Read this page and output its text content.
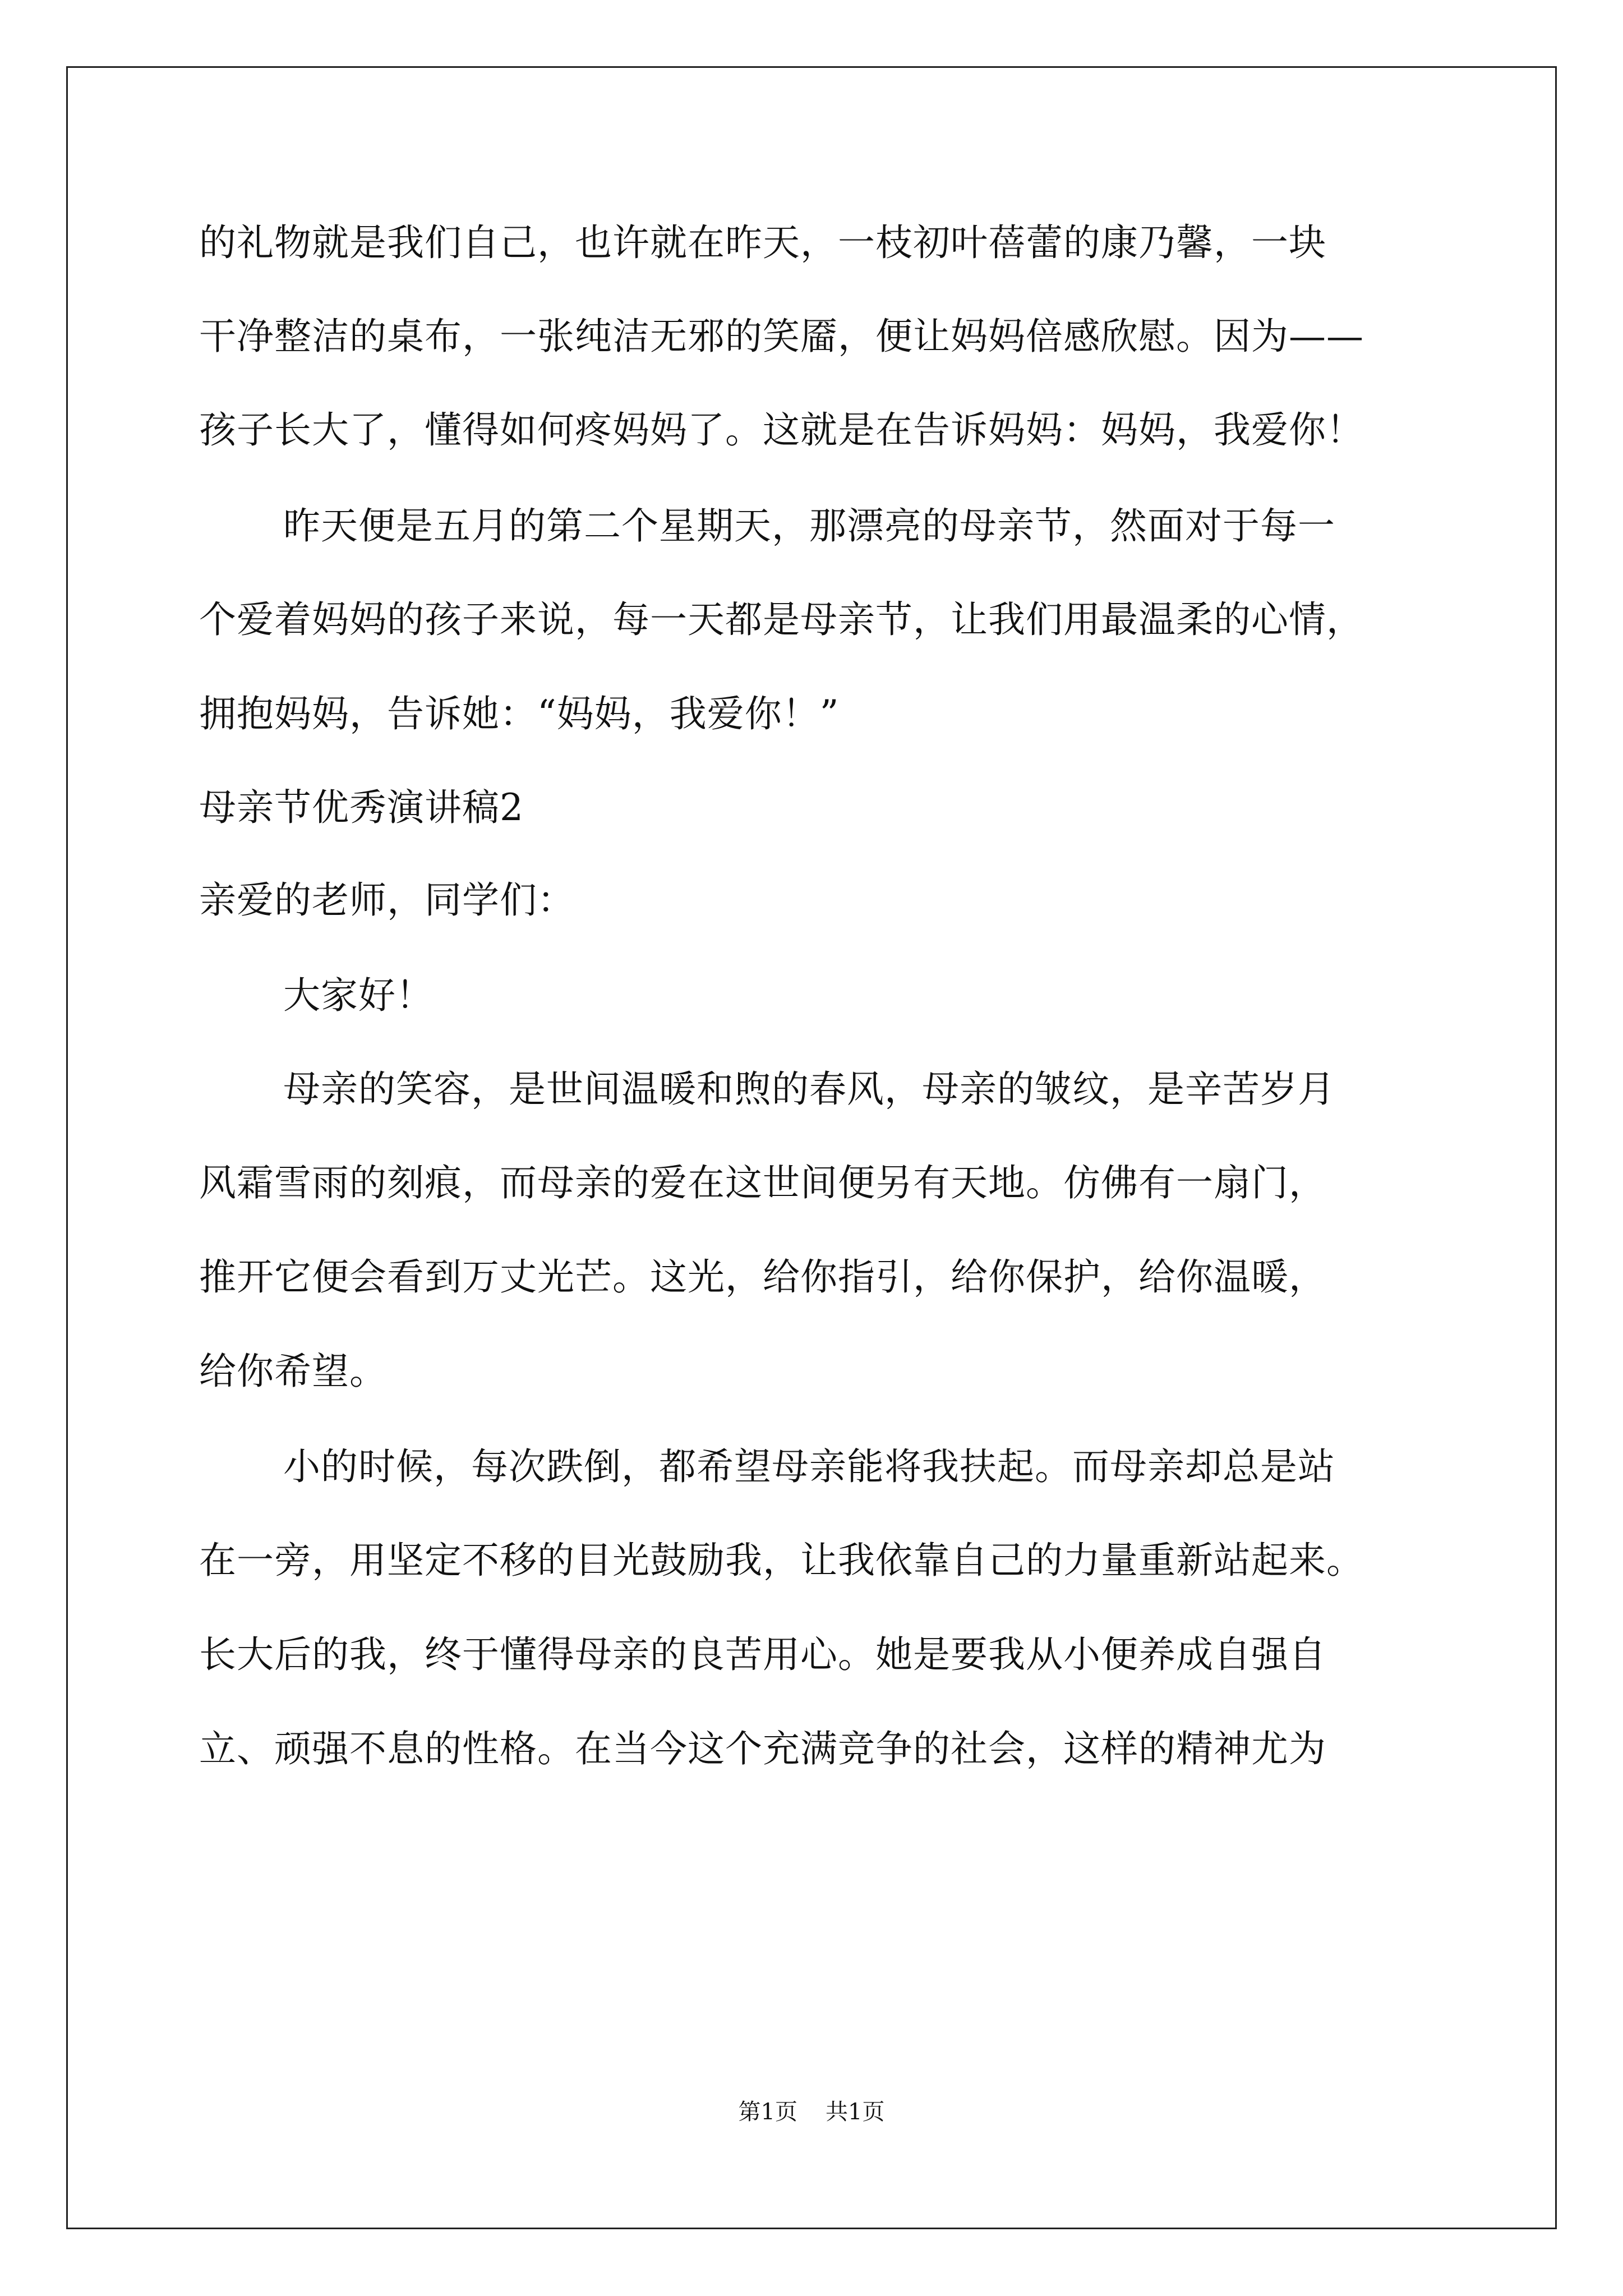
的礼物就是我们自己，也许就在昨天，一枝初叶蓓蕾的康乃馨，一块
干净整洁的桌布，一张纯洁无邪的笑靥，便让妈妈倍感欣慰。因为——
孩子长大了，懂得如何疼妈妈了。这就是在告诉妈妈：妈妈，我爱你！
昨天便是五月的第二个星期天，那漂亮的母亲节，然面对于每一
个爱着妈妈的孩子来说，每一天都是母亲节，让我们用最温柔的心情，
拥抱妈妈，告诉她：“妈妈，我爱你！”
母亲节优秀演讲稿2
亲爱的老师，同学们：
大家好！
母亲的笑容，是世间温暖和煦的春风，母亲的皱纹，是辛苦岁月
风霜雪雨的刻痕，而母亲的爱在这世间便另有天地。仿佛有一扇门，
推开它便会看到万丈光芒。这光，给你指引，给你保护，给你温暖，
给你希望。
小的时候，每次跌倒，都希望母亲能将我扶起。而母亲却总是站
在一旁，用坚定不移的目光鼓励我，让我依靠自己的力量重新站起来。
长大后的我，终于懂得母亲的良苦用心。她是要我从小便养成自强自
立、顽强不息的性格。在当今这个充满竞争的社会，这样的精神尤为
第1页 共1页
